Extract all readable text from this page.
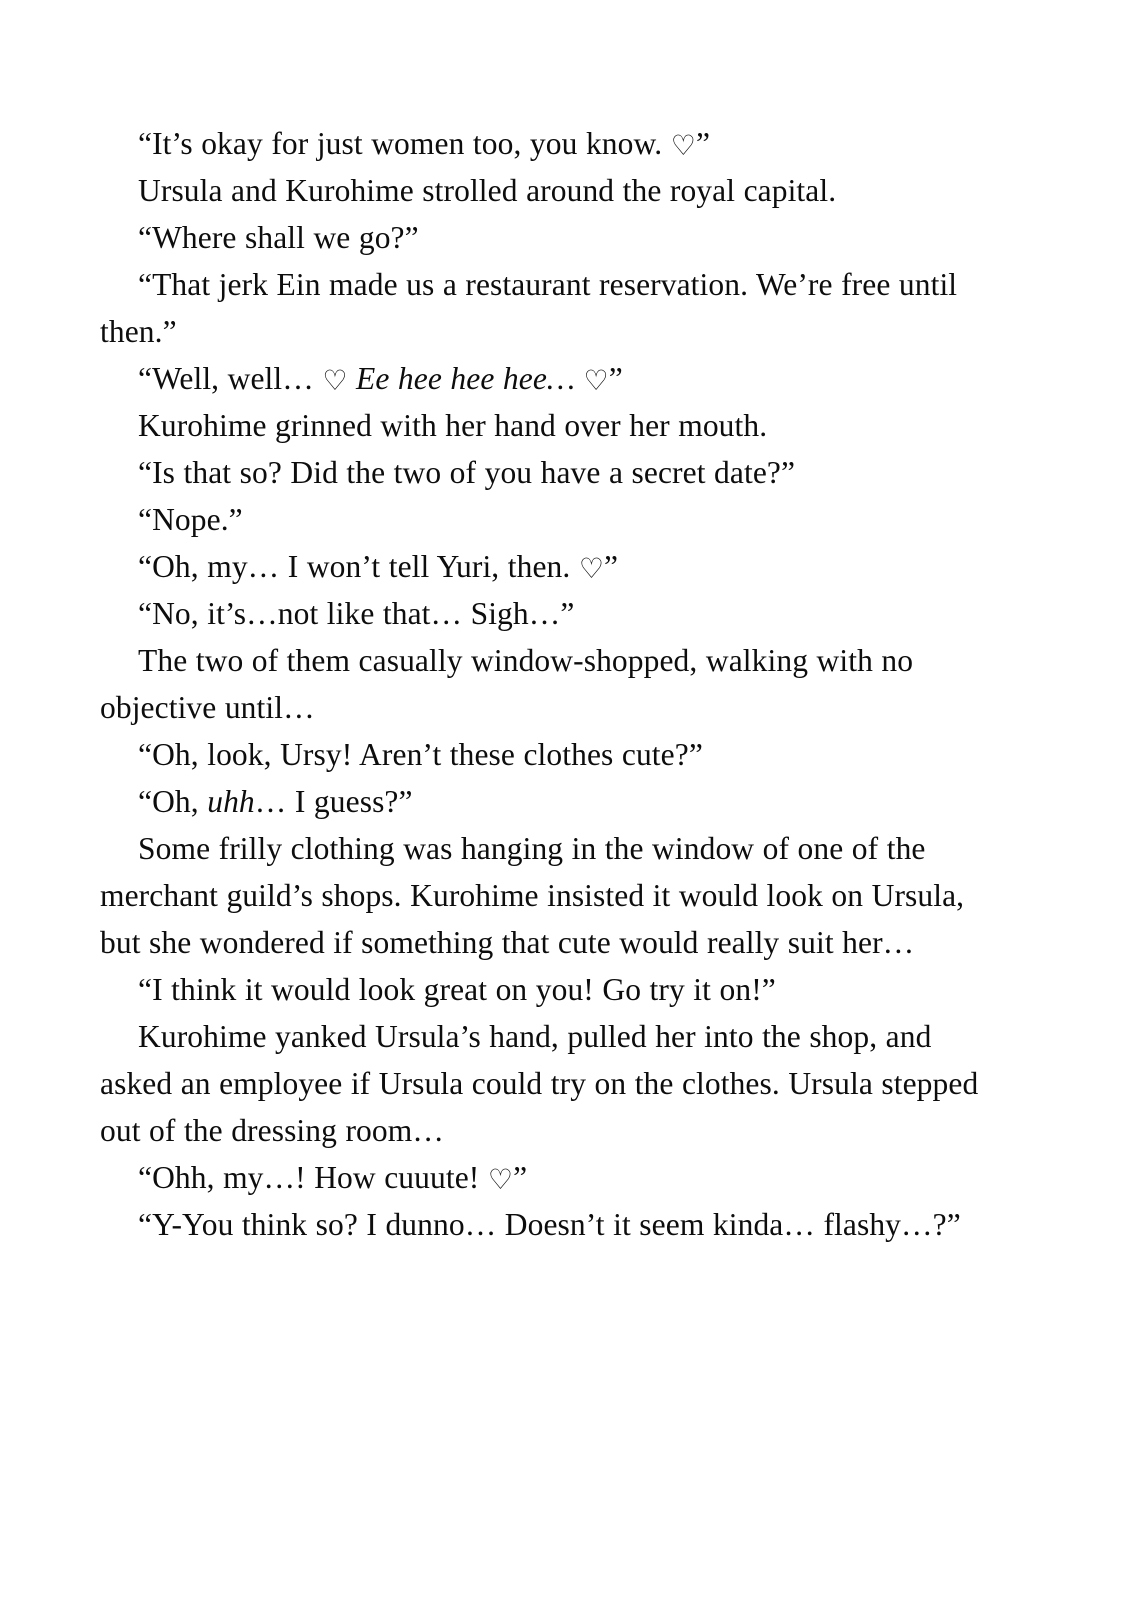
“It’s okay for just women too, you know. ♡”

Ursula and Kurohime strolled around the royal capital.

“Where shall we go?”

“That jerk Ein made us a restaurant reservation. We’re free until then.”

“Well, well… ♡ Ee hee hee hee… ♡”

Kurohime grinned with her hand over her mouth.

“Is that so? Did the two of you have a secret date?”

“Nope.”

“Oh, my… I won’t tell Yuri, then. ♡”

“No, it’s…not like that… Sigh…”

The two of them casually window-shopped, walking with no objective until…

“Oh, look, Ursy! Aren’t these clothes cute?”

“Oh, uhh… I guess?”

Some frilly clothing was hanging in the window of one of the merchant guild’s shops. Kurohime insisted it would look on Ursula, but she wondered if something that cute would really suit her…

“I think it would look great on you! Go try it on!”

Kurohime yanked Ursula’s hand, pulled her into the shop, and asked an employee if Ursula could try on the clothes. Ursula stepped out of the dressing room…

“Ohh, my…! How cuuute! ♡”

“Y-You think so? I dunno… Doesn’t it seem kinda… flashy…?”
